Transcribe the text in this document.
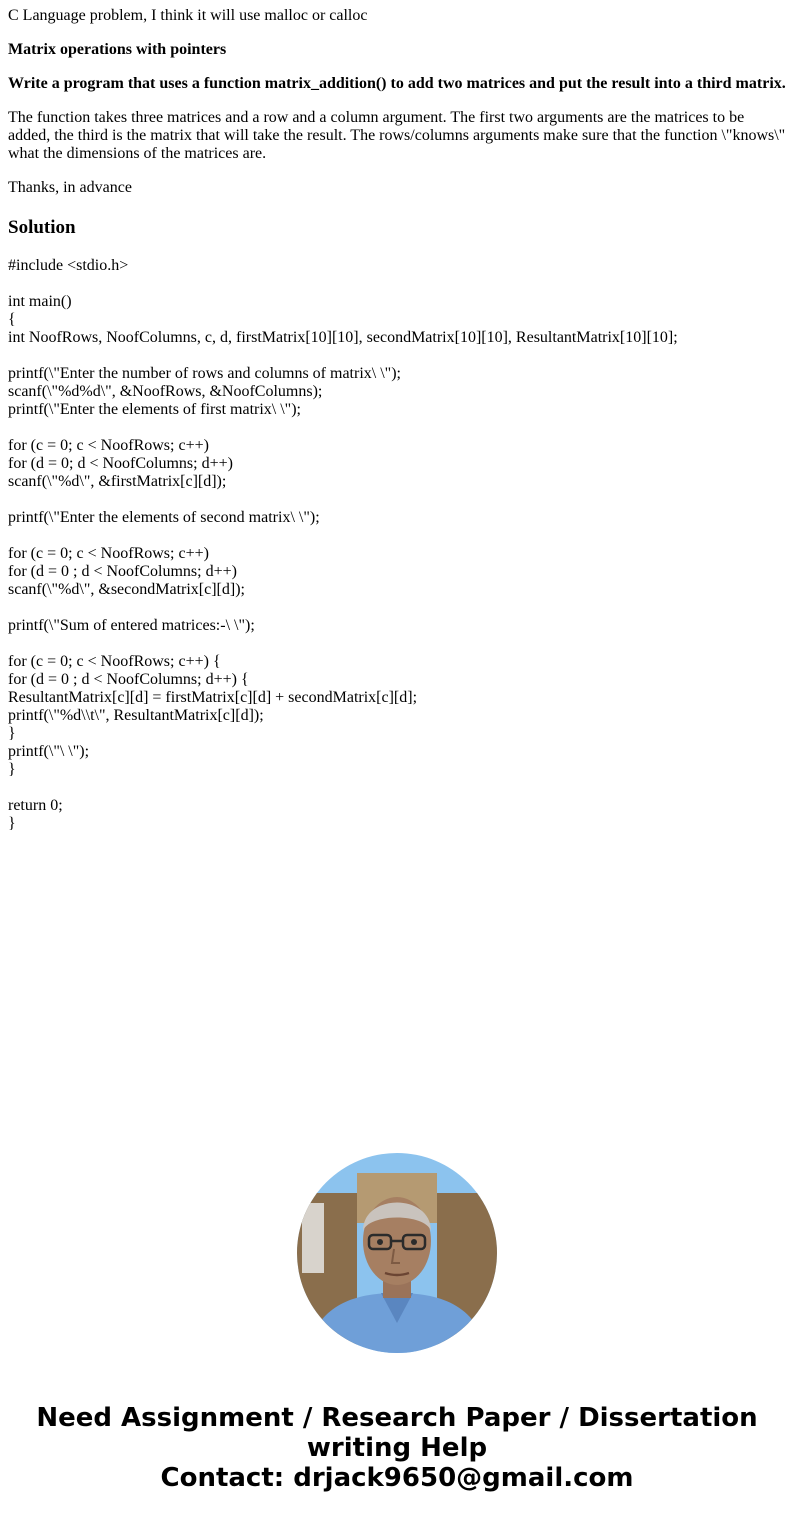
C Language problem, I think it will use malloc or calloc

Matrix operations with pointers

Write a program that uses a function matrix_addition() to add two matrices and put the result into a third matrix.

The function takes three matrices and a row and a column argument. The first two arguments are the matrices to be added, the third is the matrix that will take the result. The rows/columns arguments make sure that the function \"knows\" what the dimensions of the matrices are.

Thanks, in advance

Solution
#include <stdio.h>
int main()
{
int NoofRows, NoofColumns, c, d, firstMatrix[10][10], secondMatrix[10][10], ResultantMatrix[10][10];
printf(\"Enter the number of rows and columns of matrix\ \");
scanf(\"%d%d\", &NoofRows, &NoofColumns);
printf(\"Enter the elements of first matrix\ \");
for (c = 0; c < NoofRows; c++)
for (d = 0; d < NoofColumns; d++)
scanf(\"%d\", &firstMatrix[c][d]);
printf(\"Enter the elements of second matrix\ \");
for (c = 0; c < NoofRows; c++)
for (d = 0 ; d < NoofColumns; d++)
scanf(\"%d\", &secondMatrix[c][d]);
printf(\"Sum of entered matrices:-\ \");
for (c = 0; c < NoofRows; c++) {
for (d = 0 ; d < NoofColumns; d++) {
ResultantMatrix[c][d] = firstMatrix[c][d] + secondMatrix[c][d];
printf(\"%d\\t\", ResultantMatrix[c][d]);
}
printf(\"\ \");
}
return 0;
}
Need Assignment / Research Paper / Dissertation
writing Help
Contact: drjack9650@gmail.com
